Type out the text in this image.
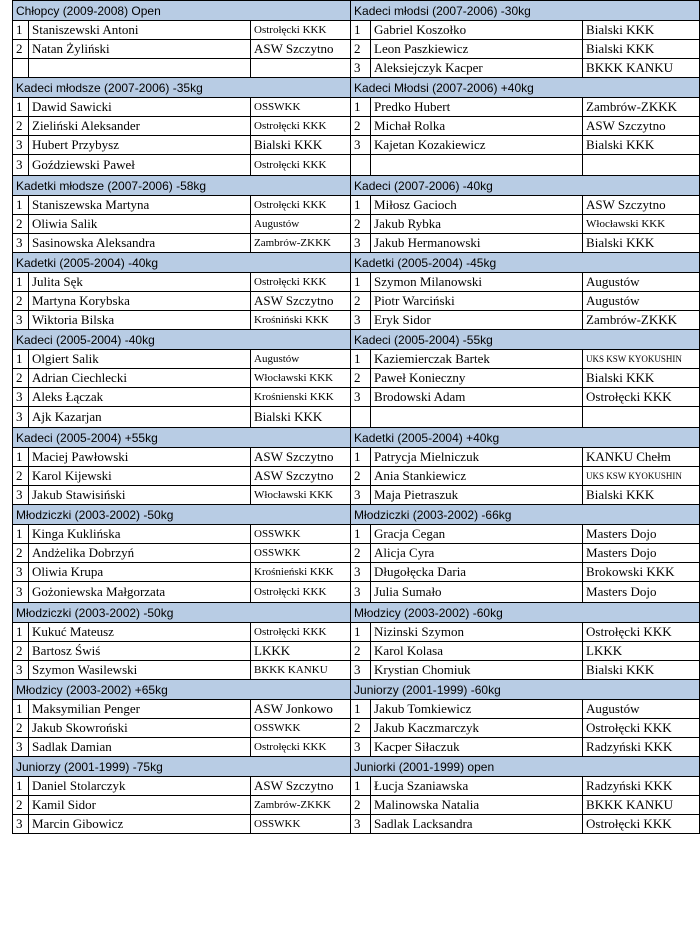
Chłopcy (2009-2008) Open			Kadeci młodsi (2007-2006) -30kg		
1	Staniszewski Antoni	Ostrołęcki KKK	1	Gabriel Koszołko	Bialski KKK
2	Natan Żyliński	ASW Szczytno	2	Leon Paszkiewicz	Bialski KKK
			3	Aleksiejczyk Kacper	BKKK KANKU
Kadeci młodsze (2007-2006) -35kg			Kadeci Młodsi (2007-2006) +40kg		
1	Dawid Sawicki	OSSWKK	1	Predko Hubert	Zambrów-ZKKK
2	Zieliński Aleksander	Ostrołęcki KKK	2	Michał Rolka	ASW Szczytno
3	Hubert Przybysz	Bialski KKK	3	Kajetan Kozakiewicz	Bialski KKK
3	Goździewski Paweł	Ostrołęcki KKK			
Kadetki młodsze (2007-2006) -58kg			Kadeci (2007-2006) -40kg		
1	Staniszewska Martyna	Ostrołęcki KKK	1	Miłosz Gacioch	ASW Szczytno
2	Oliwia Salik	Augustów	2	Jakub Rybka	Włocławski KKK
3	Sasinowska Aleksandra	Zambrów-ZKKK	3	Jakub Hermanowski	Bialski KKK
Kadetki (2005-2004) -40kg			Kadetki (2005-2004) -45kg		
1	Julita Sęk	Ostrołęcki KKK	1	Szymon Milanowski	Augustów
2	Martyna Korybska	ASW Szczytno	2	Piotr Warciński	Augustów
3	Wiktoria Bilska	Krośniński KKK	3	Eryk Sidor	Zambrów-ZKKK
Kadeci (2005-2004) -40kg			Kadeci (2005-2004) -55kg		
1	Olgiert Salik	Augustów	1	Kaziemierczak Bartek	UKS KSW KYOKUSHIN
2	Adrian Ciechlecki	Włocławski KKK	2	Paweł Konieczny	Bialski KKK
3	Aleks Łączak	Krośnienski KKK	3	Brodowski Adam	Ostrołęcki KKK
3	Ajk Kazarjan	Bialski KKK			
Kadeci (2005-2004) +55kg			Kadetki (2005-2004) +40kg		
1	Maciej Pawłowski	ASW Szczytno	1	Patrycja Mielniczuk	KANKU Chełm
2	Karol Kijewski	ASW Szczytno	2	Ania Stankiewicz	UKS KSW KYOKUSHIN
3	Jakub Stawisiński	Włocławski KKK	3	Maja Pietraszuk	Bialski KKK
Młodziczki (2003-2002) -50kg			Młodziczki (2003-2002) -66kg		
1	Kinga Kuklińska	OSSWKK	1	Gracja Cegan	Masters Dojo
2	Andżelika Dobrzyń	OSSWKK	2	Alicja Cyra	Masters Dojo
3	Oliwia Krupa	Krośnieński KKK	3	Długołęcka Daria	Brokowski KKK
3	Gożoniewska Małgorzata	Ostrołęcki KKK	3	Julia Sumało	Masters Dojo
Młodziczki (2003-2002) -50kg			Młodzicy (2003-2002) -60kg		
1	Kukuć Mateusz	Ostrołęcki KKK	1	Nizinski Szymon	Ostrołęcki KKK
2	Bartosz Świś	LKKK	2	Karol Kolasa	LKKK
3	Szymon Wasilewski	BKKK KANKU	3	Krystian Chomiuk	Bialski KKK
Młodzicy (2003-2002) +65kg			Juniorzy (2001-1999) -60kg		
1	Maksymilian Penger	ASW Jonkowo	1	Jakub Tomkiewicz	Augustów
2	Jakub Skowroński	OSSWKK	2	Jakub Kaczmarczyk	Ostrołęcki KKK
3	Sadlak Damian	Ostrołęcki KKK	3	Kacper Siłaczuk	Radzyński KKK
Juniorzy (2001-1999) -75kg			Juniorki (2001-1999) open		
1	Daniel Stolarczyk	ASW Szczytno	1	Łucja Szaniawska	Radzyński KKK
2	Kamil Sidor	Zambrów-ZKKK	2	Malinowska Natalia	BKKK KANKU
3	Marcin Gibowicz	OSSWKK	3	Sadlak Lacksandra	Ostrołęcki KKK
